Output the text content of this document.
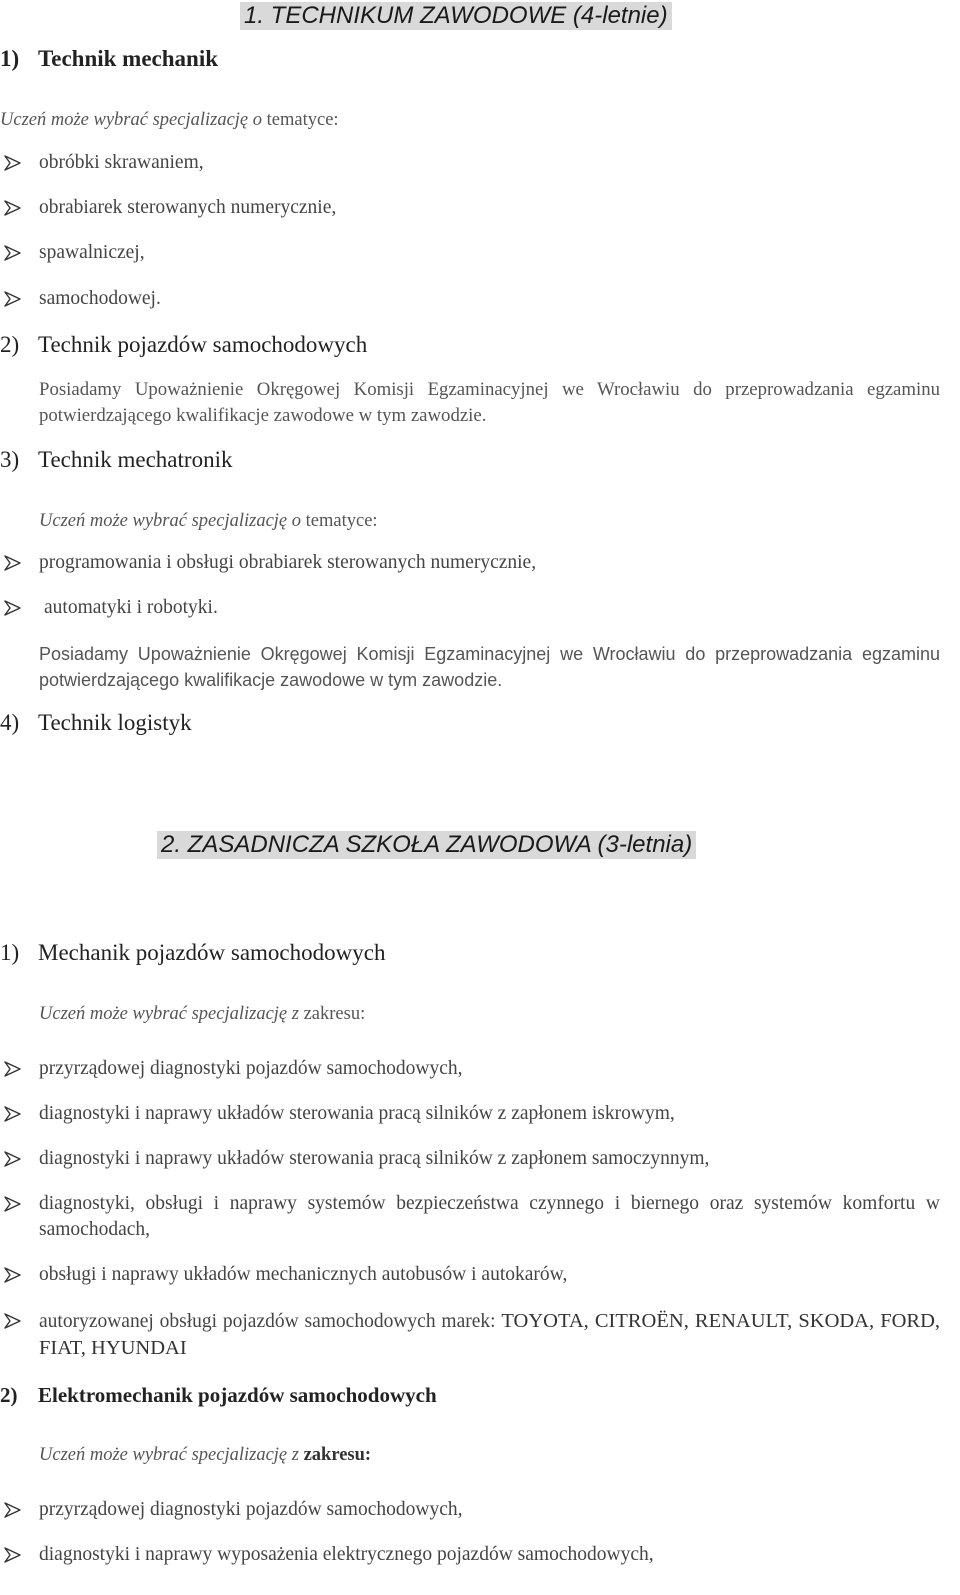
1. TECHNIKUM ZAWODOWE (4-letnie)
1) Technik mechanik
Uczeń może wybrać specjalizację o tematyce:
obróbki skrawaniem,
obrabiarek sterowanych numerycznie,
spawalniczej,
samochodowej.
2) Technik pojazdów samochodowych
Posiadamy Upoważnienie Okręgowej Komisji Egzaminacyjnej we Wrocławiu do przeprowadzania egzaminu potwierdzającego kwalifikacje zawodowe w tym zawodzie.
3) Technik mechatronik
Uczeń może wybrać specjalizację o tematyce:
programowania i obsługi obrabiarek sterowanych numerycznie,
automatyki i robotyki.
Posiadamy Upoważnienie Okręgowej Komisji Egzaminacyjnej we Wrocławiu do przeprowadzania egzaminu potwierdzającego kwalifikacje zawodowe w tym zawodzie.
4) Technik logistyk
2. ZASADNICZA SZKOŁA ZAWODOWA (3-letnia)
1) Mechanik pojazdów samochodowych
Uczeń może wybrać specjalizację z zakresu:
przyrządowej diagnostyki pojazdów samochodowych,
diagnostyki i naprawy układów sterowania pracą silników z zapłonem iskrowym,
diagnostyki i naprawy układów sterowania pracą silników z zapłonem samoczynnym,
diagnostyki, obsługi i naprawy systemów bezpieczeństwa czynnego i biernego oraz systemów komfortu w samochodach,
obsługi i naprawy układów mechanicznych autobusów i autokarów,
autoryzowanej obsługi pojazdów samochodowych marek: TOYOTA, CITROËN, RENAULT, SKODA, FORD, FIAT, HYUNDAI
2) Elektromechanik pojazdów samochodowych
Uczeń może wybrać specjalizację z zakresu:
przyrządowej diagnostyki pojazdów samochodowych,
diagnostyki i naprawy wyposażenia elektrycznego pojazdów samochodowych,
